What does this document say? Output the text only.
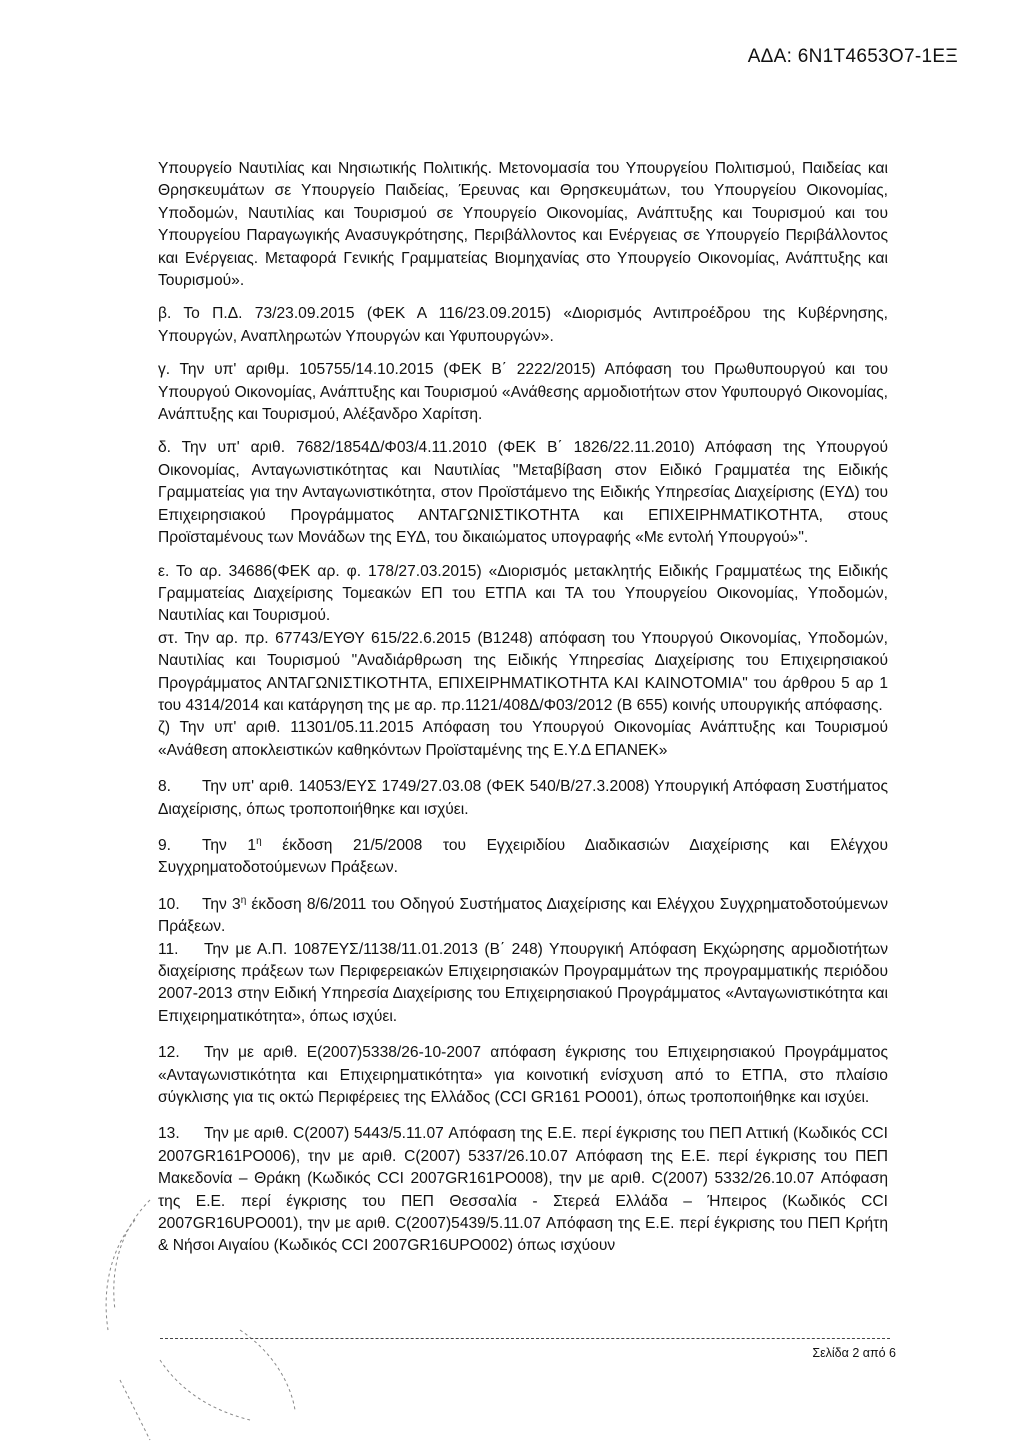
ΑΔΑ: 6Ν1Τ4653Ο7-1ΕΞ

Υπουργείο Ναυτιλίας και Νησιωτικής Πολιτικής. Μετονομασία του Υπουργείου Πολιτισμού, Παιδείας και Θρησκευμάτων σε Υπουργείο Παιδείας, Έρευνας και Θρησκευμάτων, του Υπουργείου Οικονομίας, Υποδομών, Ναυτιλίας και Τουρισμού σε Υπουργείο Οικονομίας, Ανάπτυξης και Τουρισμού και του Υπουργείου Παραγωγικής Ανασυγκρότησης, Περιβάλλοντος και Ενέργειας σε Υπουργείο Περιβάλλοντος και Ενέργειας. Μεταφορά Γενικής Γραμματείας Βιομηχανίας στο Υπουργείο Οικονομίας, Ανάπτυξης και Τουρισμού».

β. Το Π.Δ. 73/23.09.2015 (ΦΕΚ Α 116/23.09.2015) «Διορισμός Αντιπροέδρου της Κυβέρνησης, Υπουργών, Αναπληρωτών Υπουργών και Υφυπουργών».

γ. Την υπ' αριθμ. 105755/14.10.2015 (ΦΕΚ Β΄ 2222/2015) Απόφαση του Πρωθυπουργού και του Υπουργού Οικονομίας, Ανάπτυξης και Τουρισμού «Ανάθεσης αρμοδιοτήτων στον Υφυπουργό Οικονομίας, Ανάπτυξης και Τουρισμού, Αλέξανδρο Χαρίτση.

δ. Την υπ' αριθ. 7682/1854Δ/Φ03/4.11.2010 (ΦΕΚ Β΄ 1826/22.11.2010) Απόφαση της Υπουργού Οικονομίας, Ανταγωνιστικότητας και Ναυτιλίας "Μεταβίβαση στον Ειδικό Γραμματέα της Ειδικής Γραμματείας για την Ανταγωνιστικότητα, στον Προϊστάμενο της Ειδικής Υπηρεσίας Διαχείρισης (ΕΥΔ) του Επιχειρησιακού Προγράμματος ΑΝΤΑΓΩΝΙΣΤΙΚΟΤΗΤΑ και ΕΠΙΧΕΙΡΗΜΑΤΙΚΟΤΗΤΑ, στους Προϊσταμένους των Μονάδων της ΕΥΔ, του δικαιώματος υπογραφής «Με εντολή Υπουργού»".

ε. Το αρ. 34686(ΦΕΚ αρ. φ. 178/27.03.2015) «Διορισμός μετακλητής Ειδικής Γραμματέως της Ειδικής Γραμματείας Διαχείρισης Τομεακών ΕΠ του ΕΤΠΑ και ΤΑ του Υπουργείου Οικονομίας, Υποδομών, Ναυτιλίας και Τουρισμού.

στ. Την αρ. πρ. 67743/ΕΥΘΥ 615/22.6.2015 (Β1248) απόφαση του Υπουργού Οικονομίας, Υποδομών, Ναυτιλίας και Τουρισμού "Αναδιάρθρωση της Ειδικής Υπηρεσίας Διαχείρισης του Επιχειρησιακού Προγράμματος ΑΝΤΑΓΩΝΙΣΤΙΚΟΤΗΤΑ, ΕΠΙΧΕΙΡΗΜΑΤΙΚΟΤΗΤΑ ΚΑΙ ΚΑΙΝΟΤΟΜΙΑ" του άρθρου 5 αρ 1 του 4314/2014 και κατάργηση της με αρ. πρ.1121/408Δ/Φ03/2012 (Β 655) κοινής υπουργικής απόφασης.

ζ) Την υπ' αριθ. 11301/05.11.2015 Απόφαση του Υπουργού Οικονομίας Ανάπτυξης και Τουρισμού «Ανάθεση αποκλειστικών καθηκόντων Προϊσταμένης της Ε.Υ.Δ ΕΠΑΝΕΚ»

8. Την υπ' αριθ. 14053/ΕΥΣ 1749/27.03.08 (ΦΕΚ 540/Β/27.3.2008) Υπουργική Απόφαση Συστήματος Διαχείρισης, όπως τροποποιήθηκε και ισχύει.

9. Την $1^\eta$ έκδοση 21/5/2008 του Εγχειριδίου Διαδικασιών Διαχείρισης και Ελέγχου Συγχρηματοδοτούμενων Πράξεων.

10. Την $3^\eta$ έκδοση 8/6/2011 του Οδηγού Συστήματος Διαχείρισης και Ελέγχου Συγχρηματοδοτούμενων Πράξεων.

11. Την με Α.Π. 1087ΕΥΣ/1138/11.01.2013 (Β΄ 248) Υπουργική Απόφαση Εκχώρησης αρμοδιοτήτων διαχείρισης πράξεων των Περιφερειακών Επιχειρησιακών Προγραμμάτων της προγραμματικής περιόδου 2007-2013 στην Ειδική Υπηρεσία Διαχείρισης του Επιχειρησιακού Προγράμματος «Ανταγωνιστικότητα και Επιχειρηματικότητα», όπως ισχύει.

12. Την με αριθ. Ε(2007)5338/26-10-2007 απόφαση έγκρισης του Επιχειρησιακού Προγράμματος «Ανταγωνιστικότητα και Επιχειρηματικότητα» για κοινοτική ενίσχυση από το ΕΤΠΑ, στο πλαίσιο σύγκλισης για τις οκτώ Περιφέρειες της Ελλάδος (CCI GR161 PO001), όπως τροποποιήθηκε και ισχύει.

13. Την με αριθ. C(2007) 5443/5.11.07 Απόφαση της Ε.Ε. περί έγκρισης του ΠΕΠ Αττική (Κωδικός CCI 2007GR161PO006), την με αριθ. C(2007) 5337/26.10.07 Απόφαση της Ε.Ε. περί έγκρισης του ΠΕΠ Μακεδονία – Θράκη (Κωδικός CCI 2007GR161PO008), την με αριθ. C(2007) 5332/26.10.07 Απόφαση της Ε.Ε. περί έγκρισης του ΠΕΠ Θεσσαλία - Στερεά Ελλάδα – Ήπειρος (Κωδικός CCI 2007GR16UPO001), την με αριθ. C(2007)5439/5.11.07 Απόφαση της Ε.Ε. περί έγκρισης του ΠΕΠ Κρήτη & Νήσοι Αιγαίου (Κωδικός CCI 2007GR16UPO002) όπως ισχύουν

Σελίδα 2 από 6
